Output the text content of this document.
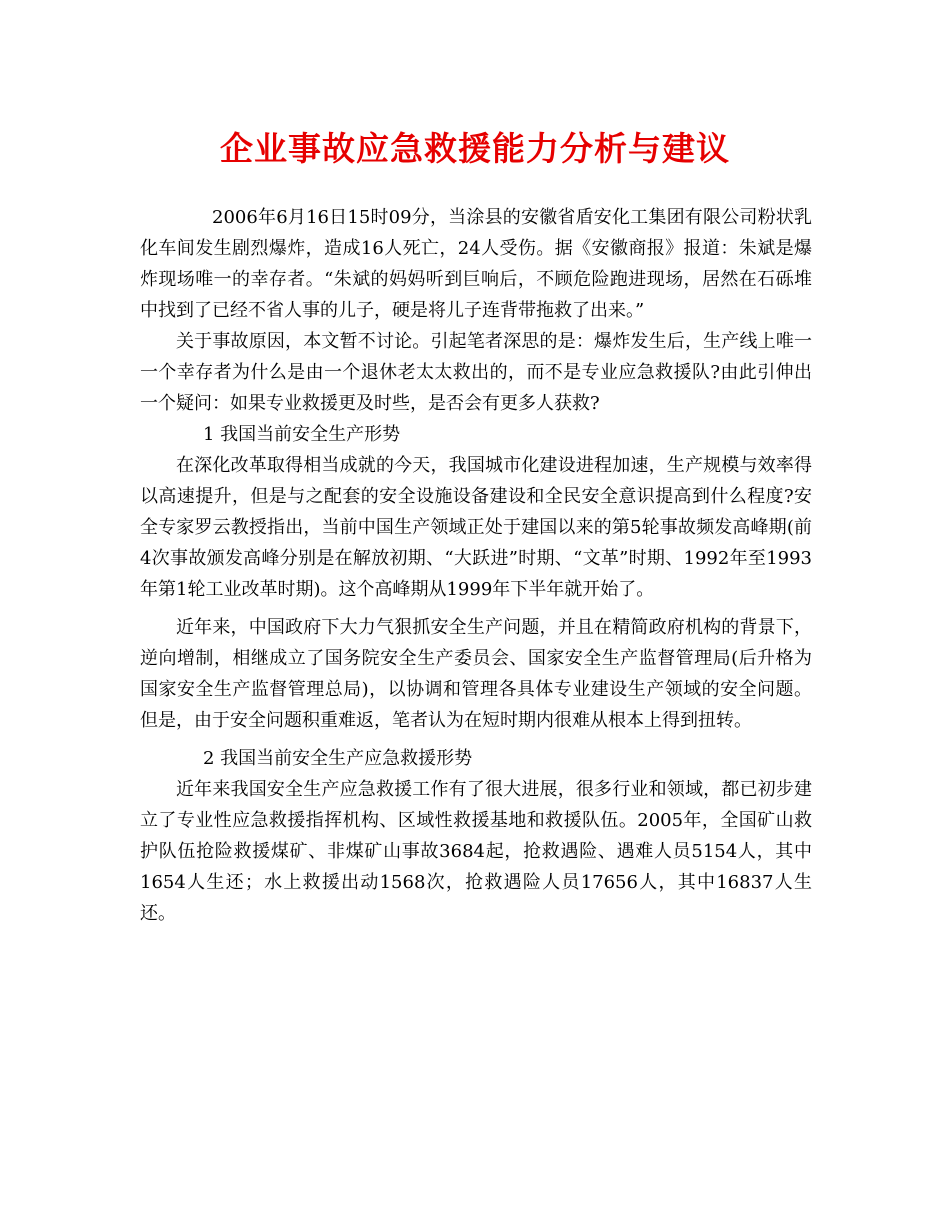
企业事故应急救援能力分析与建议

2006年6月16日15时09分，当涂县的安徽省盾安化工集团有限公司粉状乳化车间发生剧烈爆炸，造成16人死亡，24人受伤。据《安徽商报》报道：朱斌是爆炸现场唯一的幸存者。“朱斌的妈妈听到巨响后，不顾危险跑进现场，居然在石砾堆中找到了已经不省人事的儿子，硬是将儿子连背带拖救了出来。”

关于事故原因，本文暂不讨论。引起笔者深思的是：爆炸发生后，生产线上唯一一个幸存者为什么是由一个退休老太太救出的，而不是专业应急救援队?由此引伸出一个疑问：如果专业救援更及时些，是否会有更多人获救?

1 我国当前安全生产形势

在深化改革取得相当成就的今天，我国城市化建设进程加速，生产规模与效率得以高速提升，但是与之配套的安全设施设备建设和全民安全意识提高到什么程度?安全专家罗云教授指出，当前中国生产领域正处于建国以来的第5轮事故频发高峰期(前4次事故颁发高峰分别是在解放初期、“大跃进”时期、“文革”时期、1992年至1993年第1轮工业改革时期)。这个高峰期从1999年下半年就开始了。

近年来，中国政府下大力气狠抓安全生产问题，并且在精简政府机构的背景下，逆向增制，相继成立了国务院安全生产委员会、国家安全生产监督管理局(后升格为国家安全生产监督管理总局)，以协调和管理各具体专业建设生产领域的安全问题。但是，由于安全问题积重难返，笔者认为在短时期内很难从根本上得到扭转。

2 我国当前安全生产应急救援形势

近年来我国安全生产应急救援工作有了很大进展，很多行业和领域，都已初步建立了专业性应急救援指挥机构、区域性救援基地和救援队伍。2005年，全国矿山救护队伍抢险救援煤矿、非煤矿山事故3684起，抢救遇险、遇难人员5154人，其中1654人生还；水上救援出动1568次，抢救遇险人员17656人，其中16837人生还。
